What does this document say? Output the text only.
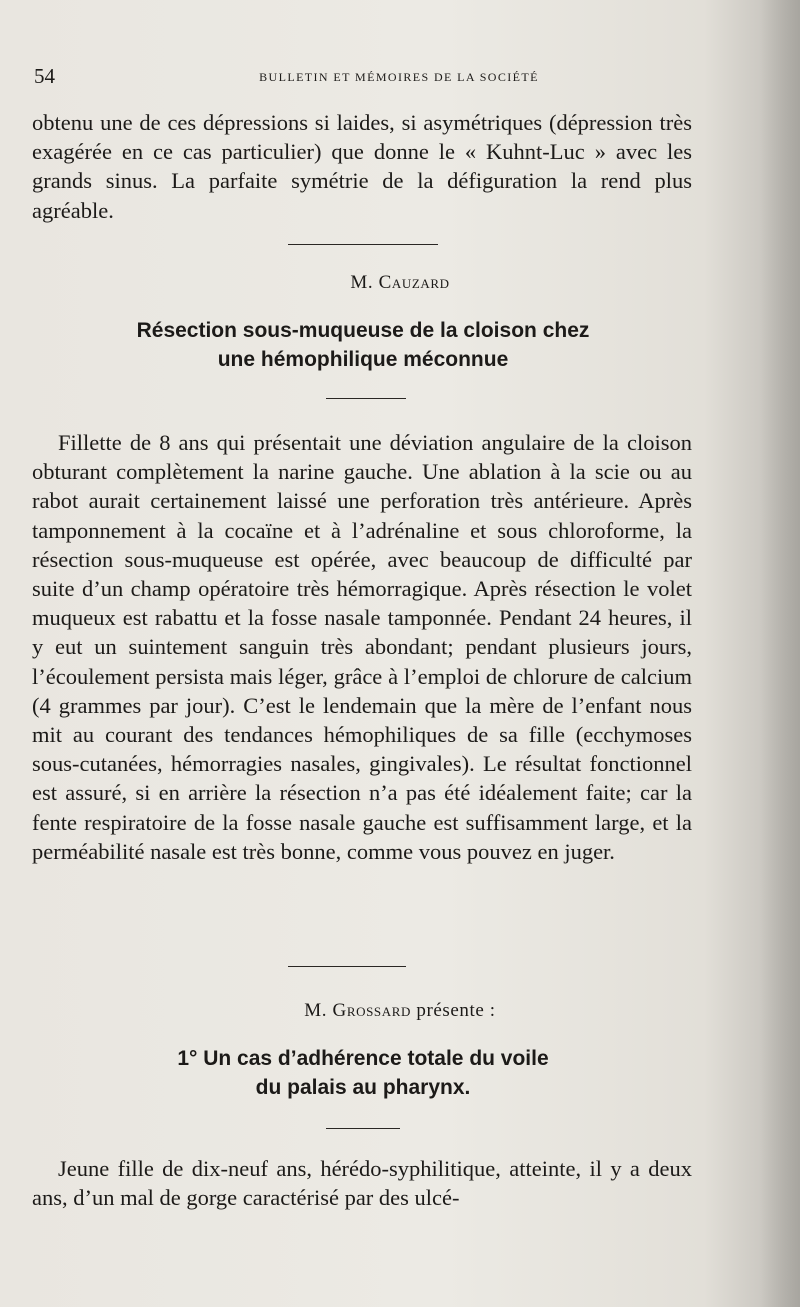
54	BULLETIN ET MÉMOIRES DE LA SOCIÉTÉ

obtenu une de ces dépressions si laides, si asymétriques (dépression très exagérée en ce cas particulier) que donne le « Kuhnt-Luc » avec les grands sinus. La parfaite symétrie de la défiguration la rend plus agréable.

M. Cauzard
Résection sous-muqueuse de la cloison chez
une hémophilique méconnue

Fillette de 8 ans qui présentait une déviation angulaire de la cloison obturant complètement la narine gauche. Une ablation à la scie ou au rabot aurait certainement laissé une perforation très antérieure. Après tamponnement à la cocaïne et à l’adrénaline et sous chloroforme, la résection sous-muqueuse est opérée, avec beaucoup de difficulté par suite d’un champ opératoire très hémorragique. Après résection le volet muqueux est rabattu et la fosse nasale tamponnée. Pendant 24 heures, il y eut un suintement sanguin très abondant; pendant plusieurs jours, l’écoulement persista mais léger, grâce à l’emploi de chlorure de calcium (4 grammes par jour). C’est le lendemain que la mère de l’enfant nous mit au courant des tendances hémophiliques de sa fille (ecchymoses sous-cutanées, hémorragies nasales, gingivales). Le résultat fonctionnel est assuré, si en arrière la résection n’a pas été idéalement faite; car la fente respiratoire de la fosse nasale gauche est suffisamment large, et la perméabilité nasale est très bonne, comme vous pouvez en juger.

M. Grossard présente :
1° Un cas d’adhérence totale du voile
du palais au pharynx.

Jeune fille de dix-neuf ans, hérédo-syphilitique, atteinte, il y a deux ans, d’un mal de gorge caractérisé par des ulcé-
